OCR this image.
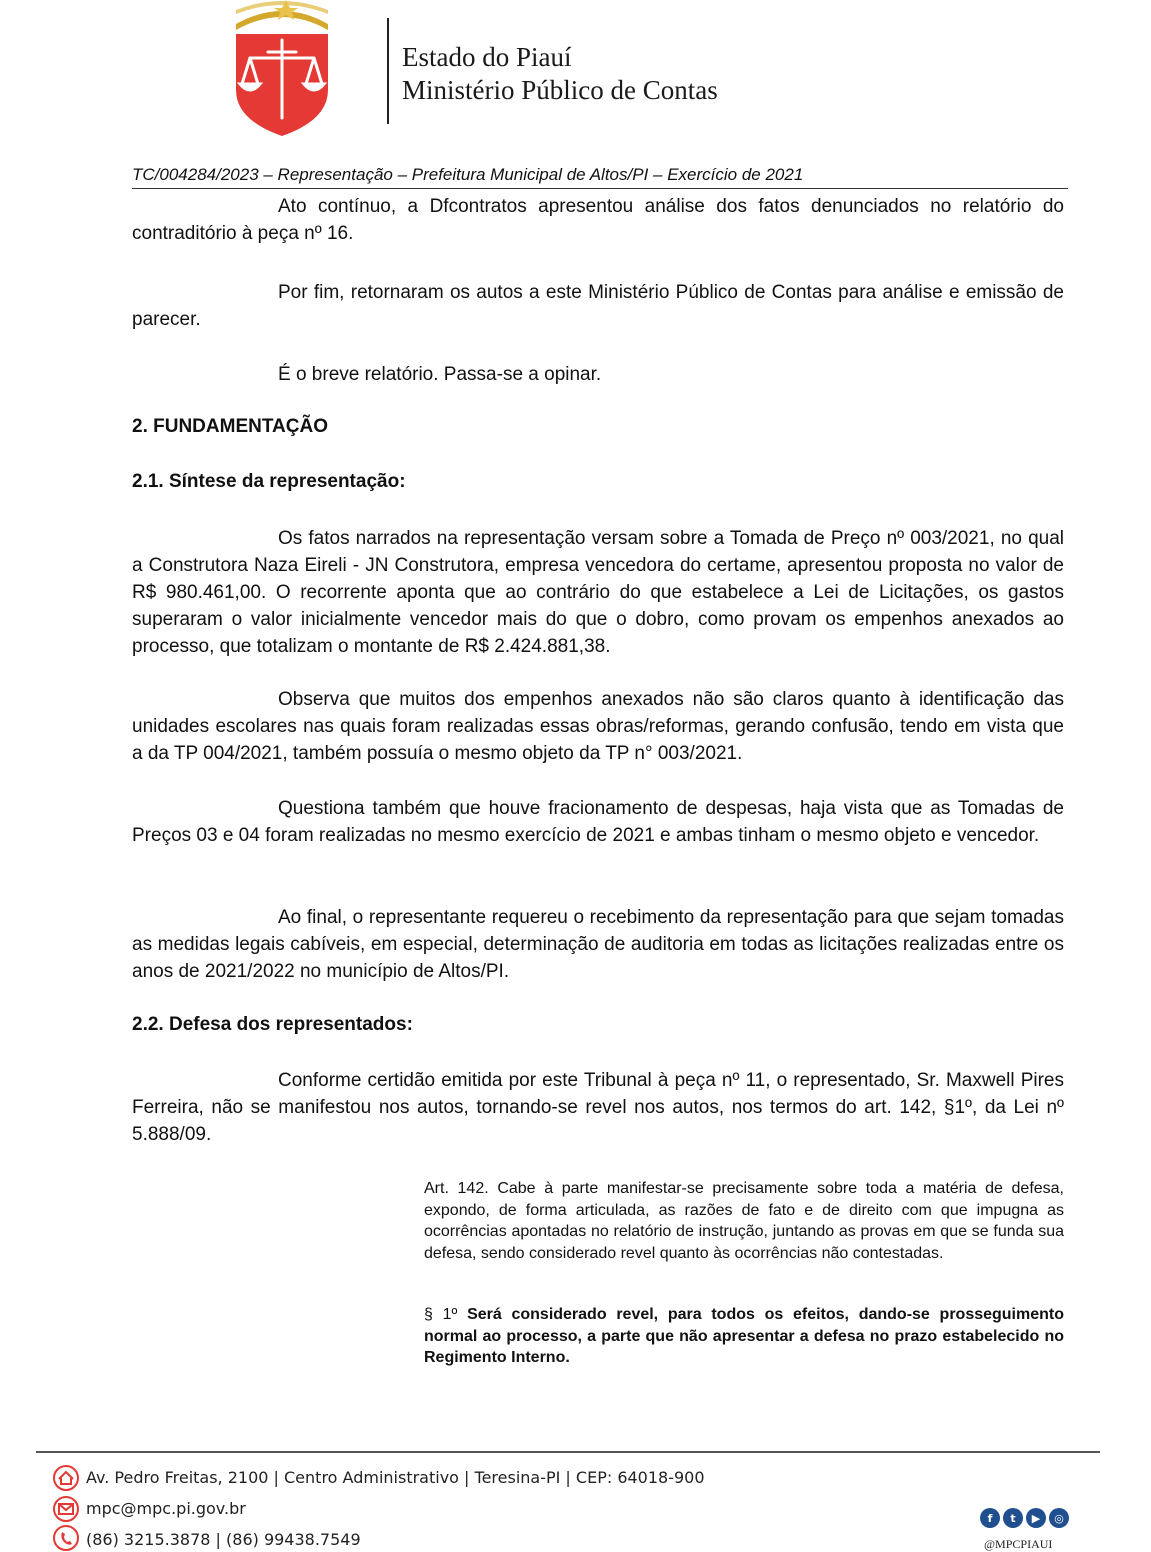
Estado do Piauí
Ministério Público de Contas
TC/004284/2023 – Representação – Prefeitura Municipal de Altos/PI – Exercício de 2021

Ato contínuo, a Dfcontratos apresentou análise dos fatos denunciados no relatório do contraditório à peça nº 16.

Por fim, retornaram os autos a este Ministério Público de Contas para análise e emissão de parecer.

É o breve relatório. Passa-se a opinar.

2. FUNDAMENTAÇÃO
2.1. Síntese da representação:

Os fatos narrados na representação versam sobre a Tomada de Preço nº 003/2021, no qual a Construtora Naza Eireli - JN Construtora, empresa vencedora do certame, apresentou proposta no valor de R$ 980.461,00. O recorrente aponta que ao contrário do que estabelece a Lei de Licitações, os gastos superaram o valor inicialmente vencedor mais do que o dobro, como provam os empenhos anexados ao processo, que totalizam o montante de R$ 2.424.881,38.

Observa que muitos dos empenhos anexados não são claros quanto à identificação das unidades escolares nas quais foram realizadas essas obras/reformas, gerando confusão, tendo em vista que a da TP 004/2021, também possuía o mesmo objeto da TP n° 003/2021.

Questiona também que houve fracionamento de despesas, haja vista que as Tomadas de Preços 03 e 04 foram realizadas no mesmo exercício de 2021 e ambas tinham o mesmo objeto e vencedor.

Ao final, o representante requereu o recebimento da representação para que sejam tomadas as medidas legais cabíveis, em especial, determinação de auditoria em todas as licitações realizadas entre os anos de 2021/2022 no município de Altos/PI.

2.2. Defesa dos representados:

Conforme certidão emitida por este Tribunal à peça nº 11, o representado, Sr. Maxwell Pires Ferreira, não se manifestou nos autos, tornando-se revel nos autos, nos termos do art. 142, §1º, da Lei nº 5.888/09.

Art. 142. Cabe à parte manifestar-se precisamente sobre toda a matéria de defesa, expondo, de forma articulada, as razões de fato e de direito com que impugna as ocorrências apontadas no relatório de instrução, juntando as provas em que se funda sua defesa, sendo considerado revel quanto às ocorrências não contestadas.

§ 1º Será considerado revel, para todos os efeitos, dando-se prosseguimento normal ao processo, a parte que não apresentar a defesa no prazo estabelecido no Regimento Interno.

Av. Pedro Freitas, 2100 | Centro Administrativo | Teresina-PI | CEP: 64018-900
mpc@mpc.pi.gov.br
(86) 3215.3878 | (86) 99438.7549
f	t	▶	◎
@MPCPIAUI
